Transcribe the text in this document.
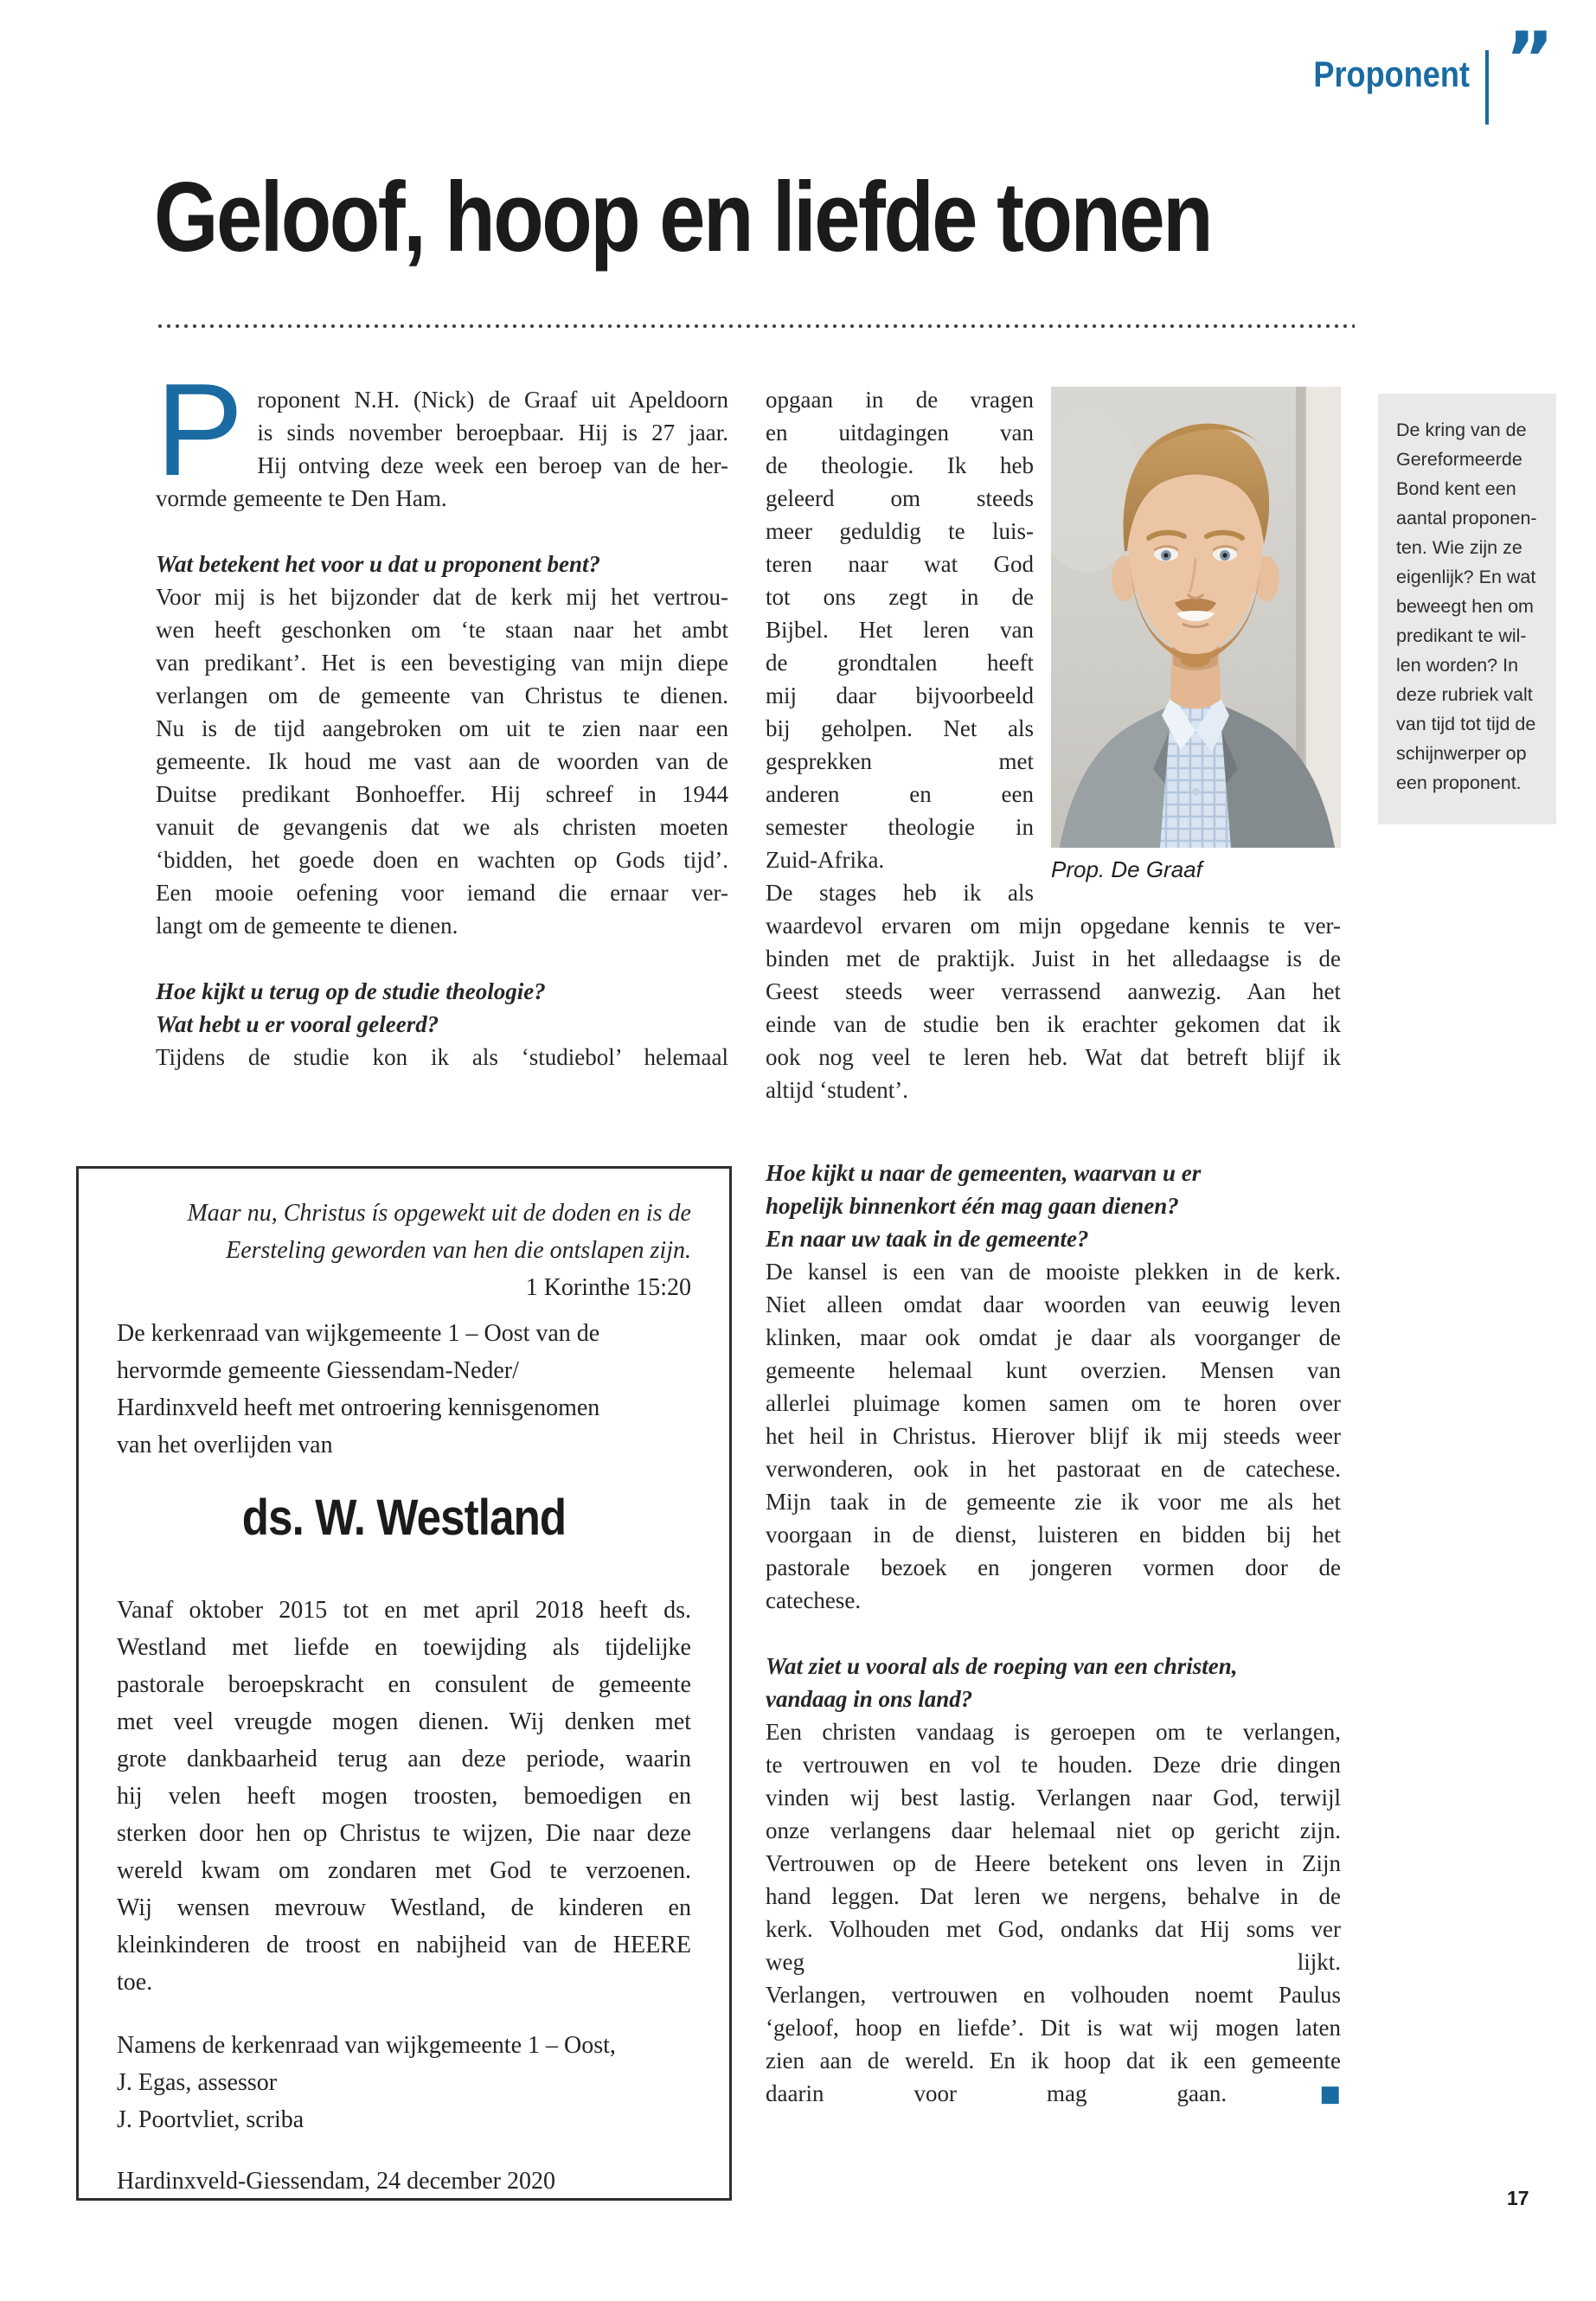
Proponent ”
Geloof, hoop en liefde tonen
P roponent N.H. (Nick) de Graaf uit Apeldoorn
is sinds november beroepbaar. Hij is 27 jaar.
Hij ontving deze week een beroep van de her-
vormde gemeente te Den Ham.
Wat betekent het voor u dat u proponent bent?
Voor mij is het bijzonder dat de kerk mij het vertrou-
wen heeft geschonken om ‘te staan naar het ambt
van predikant’. Het is een bevestiging van mijn diepe
verlangen om de gemeente van Christus te dienen.
Nu is de tijd aangebroken om uit te zien naar een
gemeente. Ik houd me vast aan de woorden van de
Duitse predikant Bonhoeffer. Hij schreef in 1944
vanuit de gevangenis dat we als christen moeten
‘bidden, het goede doen en wachten op Gods tijd’.
Een mooie oefening voor iemand die ernaar ver-
langt om de gemeente te dienen.
Hoe kijkt u terug op de studie theologie?
Wat hebt u er vooral geleerd?
Tijdens de studie kon ik als ‘studiebol’ helemaal
Prop. De Graaf
opgaan in de vragen
en uitdagingen van
de theologie. Ik heb
geleerd om steeds
meer geduldig te luis-
teren naar wat God
tot ons zegt in de
Bijbel. Het leren van
de grondtalen heeft
mij daar bijvoorbeeld
bij geholpen. Net als
gesprekken met
anderen en een
semester theologie in
Zuid-Afrika.
De stages heb ik als
waardevol ervaren om mijn opgedane kennis te ver-
binden met de praktijk. Juist in het alledaagse is de
Geest steeds weer verrassend aanwezig. Aan het
einde van de studie ben ik erachter gekomen dat ik
ook nog veel te leren heb. Wat dat betreft blijf ik
altijd ‘student’.
Hoe kijkt u naar de gemeenten, waarvan u er
hopelijk binnenkort één mag gaan dienen?
En naar uw taak in de gemeente?
De kansel is een van de mooiste plekken in de kerk.
Niet alleen omdat daar woorden van eeuwig leven
klinken, maar ook omdat je daar als voorganger de
gemeente helemaal kunt overzien. Mensen van
allerlei pluimage komen samen om te horen over
het heil in Christus. Hierover blijf ik mij steeds weer
verwonderen, ook in het pastoraat en de catechese.
Mijn taak in de gemeente zie ik voor me als het
voorgaan in de dienst, luisteren en bidden bij het
pastorale bezoek en jongeren vormen door de
catechese.
Wat ziet u vooral als de roeping van een christen,
vandaag in ons land?
Een christen vandaag is geroepen om te verlangen,
te vertrouwen en vol te houden. Deze drie dingen
vinden wij best lastig. Verlangen naar God, terwijl
onze verlangens daar helemaal niet op gericht zijn.
Vertrouwen op de Heere betekent ons leven in Zijn
hand leggen. Dat leren we nergens, behalve in de
kerk. Volhouden met God, ondanks dat Hij soms ver
weg lijkt.
Verlangen, vertrouwen en volhouden noemt Paulus
‘geloof, hoop en liefde’. Dit is wat wij mogen laten
zien aan de wereld. En ik hoop dat ik een gemeente
daarin voor mag gaan. ■
De kring van de
Gereformeerde
Bond kent een
aantal proponen-
ten. Wie zijn ze
eigenlijk? En wat
beweegt hen om
predikant te wil-
len worden? In
deze rubriek valt
van tijd tot tijd de
schijnwerper op
een proponent.
Maar nu, Christus ís opgewekt uit de doden en is de
Eersteling geworden van hen die ontslapen zijn.
1 Korinthe 15:20
De kerkenraad van wijkgemeente 1 – Oost van de
hervormde gemeente Giessendam-Neder/
Hardinxveld heeft met ontroering kennisgenomen
van het overlijden van
ds. W. Westland
Vanaf oktober 2015 tot en met april 2018 heeft ds.
Westland met liefde en toewijding als tijdelijke
pastorale beroepskracht en consulent de gemeente
met veel vreugde mogen dienen. Wij denken met
grote dankbaarheid terug aan deze periode, waarin
hij velen heeft mogen troosten, bemoedigen en
sterken door hen op Christus te wijzen, Die naar deze
wereld kwam om zondaren met God te verzoenen.
Wij wensen mevrouw Westland, de kinderen en
kleinkinderen de troost en nabijheid van de HEERE
toe.
Namens de kerkenraad van wijkgemeente 1 – Oost,
J. Egas, assessor
J. Poortvliet, scriba
Hardinxveld-Giessendam, 24 december 2020
17
